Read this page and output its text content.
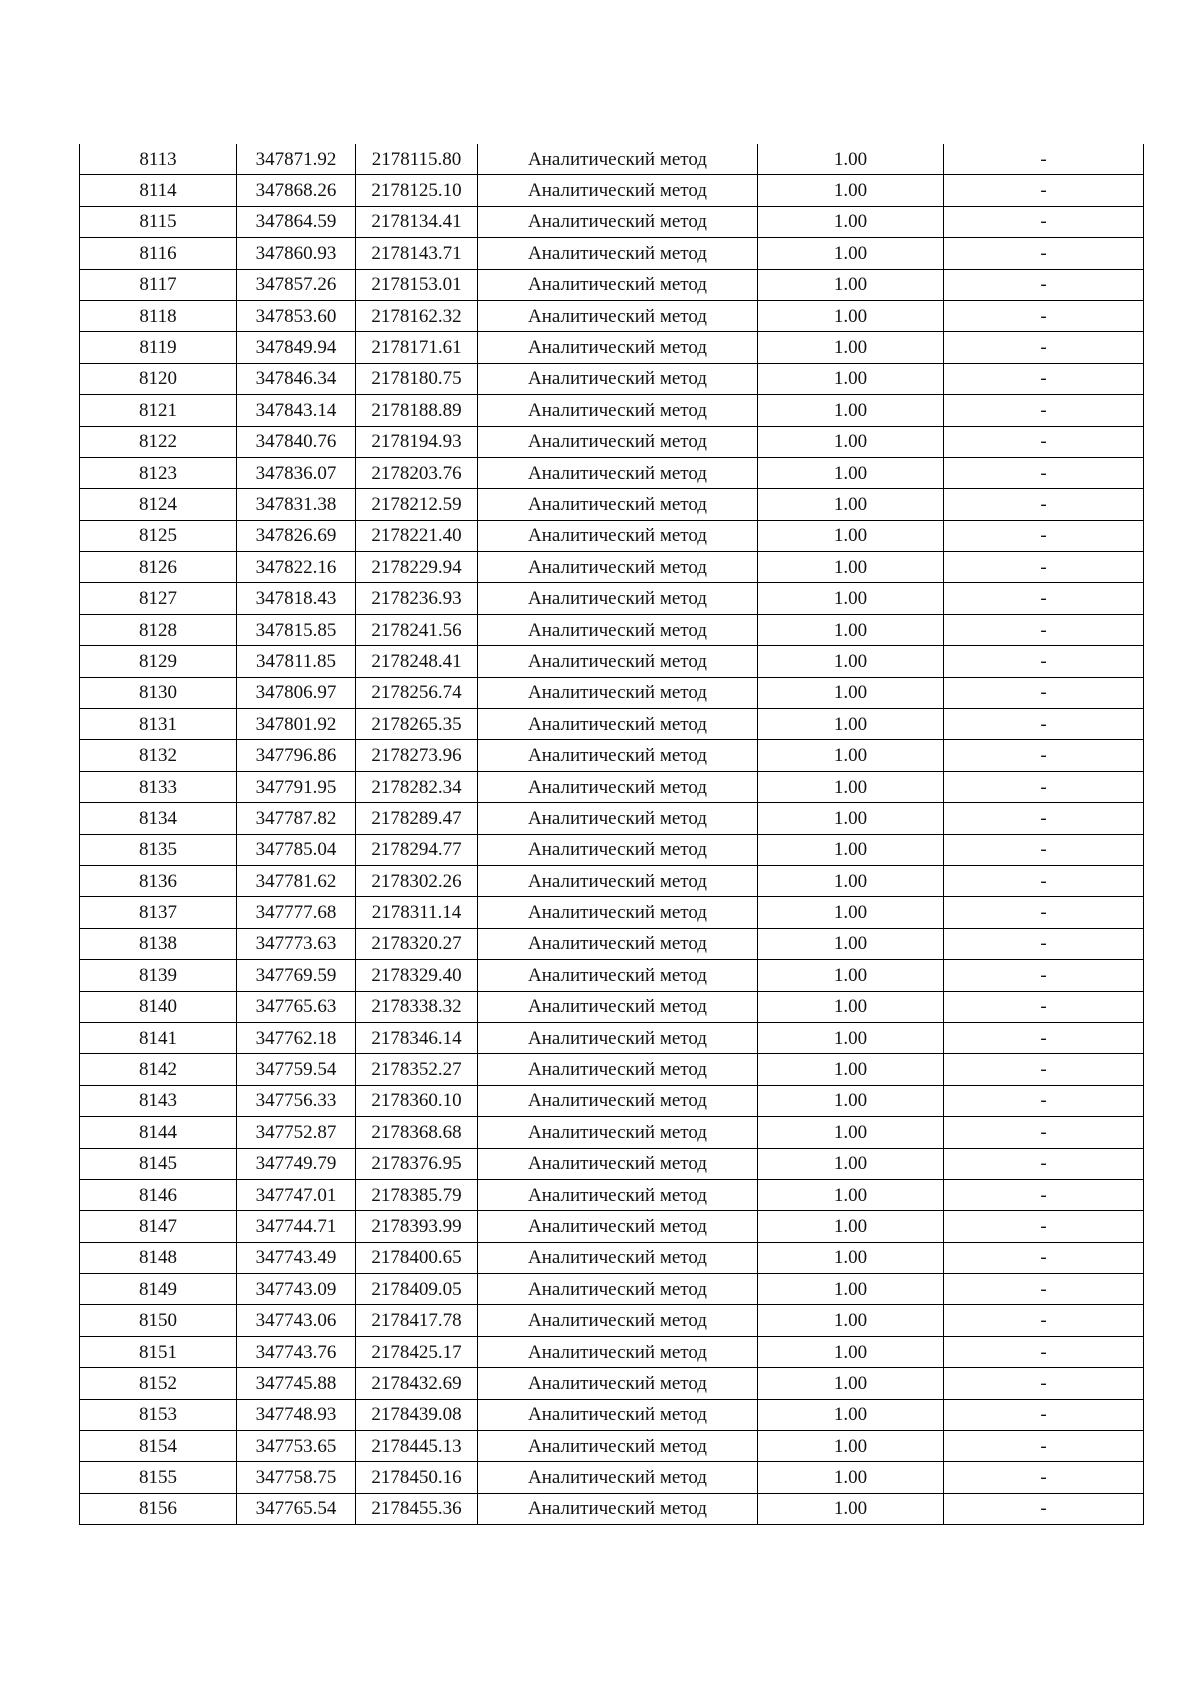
8113	347871.92	2178115.80	Аналитический метод	1.00	-
8114	347868.26	2178125.10	Аналитический метод	1.00	-
8115	347864.59	2178134.41	Аналитический метод	1.00	-
8116	347860.93	2178143.71	Аналитический метод	1.00	-
8117	347857.26	2178153.01	Аналитический метод	1.00	-
8118	347853.60	2178162.32	Аналитический метод	1.00	-
8119	347849.94	2178171.61	Аналитический метод	1.00	-
8120	347846.34	2178180.75	Аналитический метод	1.00	-
8121	347843.14	2178188.89	Аналитический метод	1.00	-
8122	347840.76	2178194.93	Аналитический метод	1.00	-
8123	347836.07	2178203.76	Аналитический метод	1.00	-
8124	347831.38	2178212.59	Аналитический метод	1.00	-
8125	347826.69	2178221.40	Аналитический метод	1.00	-
8126	347822.16	2178229.94	Аналитический метод	1.00	-
8127	347818.43	2178236.93	Аналитический метод	1.00	-
8128	347815.85	2178241.56	Аналитический метод	1.00	-
8129	347811.85	2178248.41	Аналитический метод	1.00	-
8130	347806.97	2178256.74	Аналитический метод	1.00	-
8131	347801.92	2178265.35	Аналитический метод	1.00	-
8132	347796.86	2178273.96	Аналитический метод	1.00	-
8133	347791.95	2178282.34	Аналитический метод	1.00	-
8134	347787.82	2178289.47	Аналитический метод	1.00	-
8135	347785.04	2178294.77	Аналитический метод	1.00	-
8136	347781.62	2178302.26	Аналитический метод	1.00	-
8137	347777.68	2178311.14	Аналитический метод	1.00	-
8138	347773.63	2178320.27	Аналитический метод	1.00	-
8139	347769.59	2178329.40	Аналитический метод	1.00	-
8140	347765.63	2178338.32	Аналитический метод	1.00	-
8141	347762.18	2178346.14	Аналитический метод	1.00	-
8142	347759.54	2178352.27	Аналитический метод	1.00	-
8143	347756.33	2178360.10	Аналитический метод	1.00	-
8144	347752.87	2178368.68	Аналитический метод	1.00	-
8145	347749.79	2178376.95	Аналитический метод	1.00	-
8146	347747.01	2178385.79	Аналитический метод	1.00	-
8147	347744.71	2178393.99	Аналитический метод	1.00	-
8148	347743.49	2178400.65	Аналитический метод	1.00	-
8149	347743.09	2178409.05	Аналитический метод	1.00	-
8150	347743.06	2178417.78	Аналитический метод	1.00	-
8151	347743.76	2178425.17	Аналитический метод	1.00	-
8152	347745.88	2178432.69	Аналитический метод	1.00	-
8153	347748.93	2178439.08	Аналитический метод	1.00	-
8154	347753.65	2178445.13	Аналитический метод	1.00	-
8155	347758.75	2178450.16	Аналитический метод	1.00	-
8156	347765.54	2178455.36	Аналитический метод	1.00	-
